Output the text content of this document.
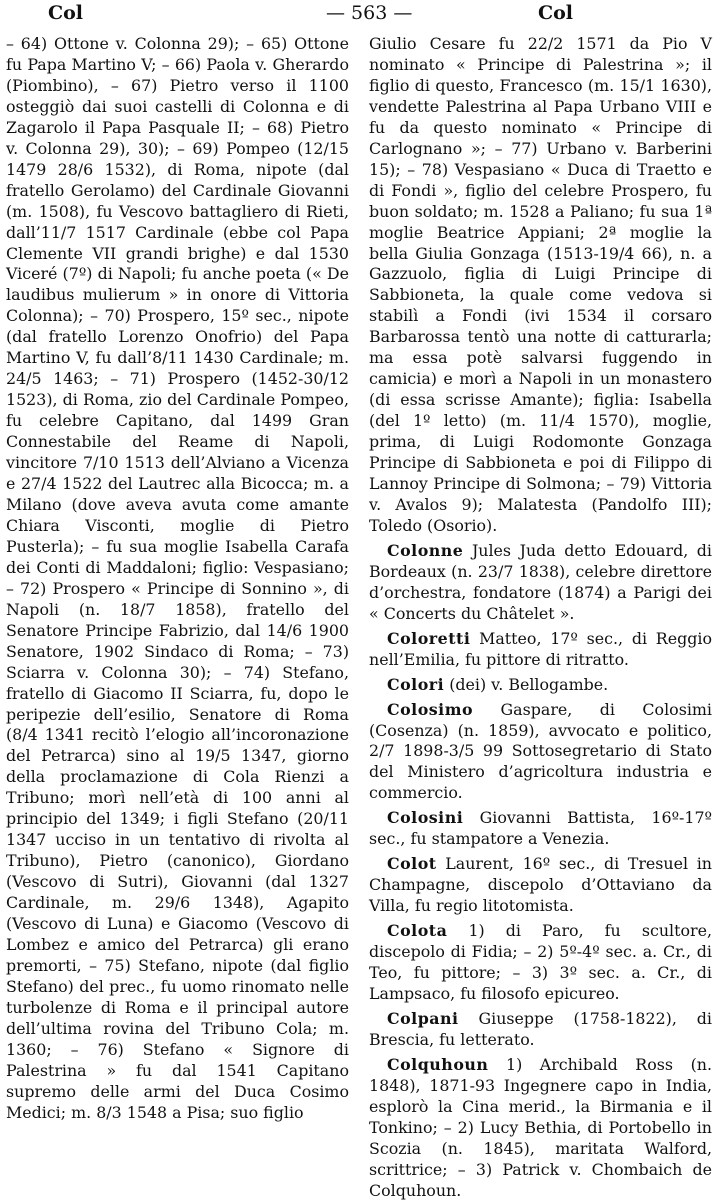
Col	— 563 —	Col

– 64) Ottone v. Colonna 29); – 65) Ottone fu Papa Martino V; – 66) Paola v. Gherardo (Piombino), – 67) Pietro verso il 1100 osteggiò dai suoi castelli di Colonna e di Zagarolo il Papa Pasquale II; – 68) Pietro v. Colonna 29), 30); – 69) Pompeo (12/15 1479 28/6 1532), di Roma, nipote (dal fratello Gerolamo) del Cardinale Giovanni (m. 1508), fu Vescovo battagliero di Rieti, dall’11/7 1517 Cardinale (ebbe col Papa Clemente VII grandi brighe) e dal 1530 Viceré (7º) di Napoli; fu anche poeta (« De laudibus mulierum » in onore di Vittoria Colonna); – 70) Prospero, 15º sec., nipote (dal fratello Lorenzo Onofrio) del Papa Martino V, fu dall’8/11 1430 Cardinale; m. 24/5 1463; – 71) Prospero (1452-30/12 1523), di Roma, zio del Cardinale Pompeo, fu celebre Capitano, dal 1499 Gran Connestabile del Reame di Napoli, vincitore 7/10 1513 dell’Alviano a Vicenza e 27/4 1522 del Lautrec alla Bicocca; m. a Milano (dove aveva avuta come amante Chiara Visconti, moglie di Pietro Pusterla); – fu sua moglie Isabella Carafa dei Conti di Maddaloni; figlio: Vespasiano; – 72) Prospero « Principe di Sonnino », di Napoli (n. 18/7 1858), fratello del Senatore Principe Fabrizio, dal 14/6 1900 Senatore, 1902 Sindaco di Roma; – 73) Sciarra v. Colonna 30); – 74) Stefano, fratello di Giacomo II Sciarra, fu, dopo le peripezie dell’esilio, Senatore di Roma (8/4 1341 recitò l’elogio all’incoronazione del Petrarca) sino al 19/5 1347, giorno della proclamazione di Cola Rienzi a Tribuno; morì nell’età di 100 anni al principio del 1349; i figli Stefano (20/11 1347 ucciso in un tentativo di rivolta al Tribuno), Pietro (canonico), Giordano (Vescovo di Sutri), Giovanni (dal 1327 Cardinale, m. 29/6 1348), Agapito (Vescovo di Luna) e Giacomo (Vescovo di Lombez e amico del Petrarca) gli erano premorti, – 75) Stefano, nipote (dal figlio Stefano) del prec., fu uomo rinomato nelle turbolenze di Roma e il principal autore dell’ultima rovina del Tribuno Cola; m. 1360; – 76) Stefano « Signore di Palestrina » fu dal 1541 Capitano supremo delle armi del Duca Cosimo Medici; m. 8/3 1548 a Pisa; suo figlio

Giulio Cesare fu 22/2 1571 da Pio V nominato « Principe di Palestrina »; il figlio di questo, Francesco (m. 15/1 1630), vendette Palestrina al Papa Urbano VIII e fu da questo nominato « Principe di Carlognano »; – 77) Urbano v. Barberini 15); – 78) Vespasiano « Duca di Traetto e di Fondi », figlio del celebre Prospero, fu buon soldato; m. 1528 a Paliano; fu sua 1ª moglie Beatrice Appiani; 2ª moglie la bella Giulia Gonzaga (1513-19/4 66), n. a Gazzuolo, figlia di Luigi Principe di Sabbioneta, la quale come vedova si stabilì a Fondi (ivi 1534 il corsaro Barbarossa tentò una notte di catturarla; ma essa potè salvarsi fuggendo in camicia) e morì a Napoli in un monastero (di essa scrisse Amante); figlia: Isabella (del 1º letto) (m. 11/4 1570), moglie, prima, di Luigi Rodomonte Gonzaga Principe di Sabbioneta e poi di Filippo di Lannoy Principe di Solmona; – 79) Vittoria v. Avalos 9); Malatesta (Pandolfo III); Toledo (Osorio).

Colonne Jules Juda detto Edouard, di Bordeaux (n. 23/7 1838), celebre direttore d’orchestra, fondatore (1874) a Parigi dei « Concerts du Châtelet ».

Coloretti Matteo, 17º sec., di Reggio nell’Emilia, fu pittore di ritratto.

Colori (dei) v. Bellogambe.

Colosimo Gaspare, di Colosimi (Cosenza) (n. 1859), avvocato e politico, 2/7 1898-3/5 99 Sottosegretario di Stato del Ministero d’agricoltura industria e commercio.

Colosini Giovanni Battista, 16º-17º sec., fu stampatore a Venezia.

Colot Laurent, 16º sec., di Tresuel in Champagne, discepolo d’Ottaviano da Villa, fu regio litotomista.

Colota 1) di Paro, fu scultore, discepolo di Fidia; – 2) 5º-4º sec. a. Cr., di Teo, fu pittore; – 3) 3º sec. a. Cr., di Lampsaco, fu filosofo epicureo.

Colpani Giuseppe (1758-1822), di Brescia, fu letterato.

Colquhoun 1) Archibald Ross (n. 1848), 1871-93 Ingegnere capo in India, esplorò la Cina merid., la Birmania e il Tonkino; – 2) Lucy Bethia, di Portobello in Scozia (n. 1845), maritata Walford, scrittrice; – 3) Patrick v. Chombaich de Colquhoun.
